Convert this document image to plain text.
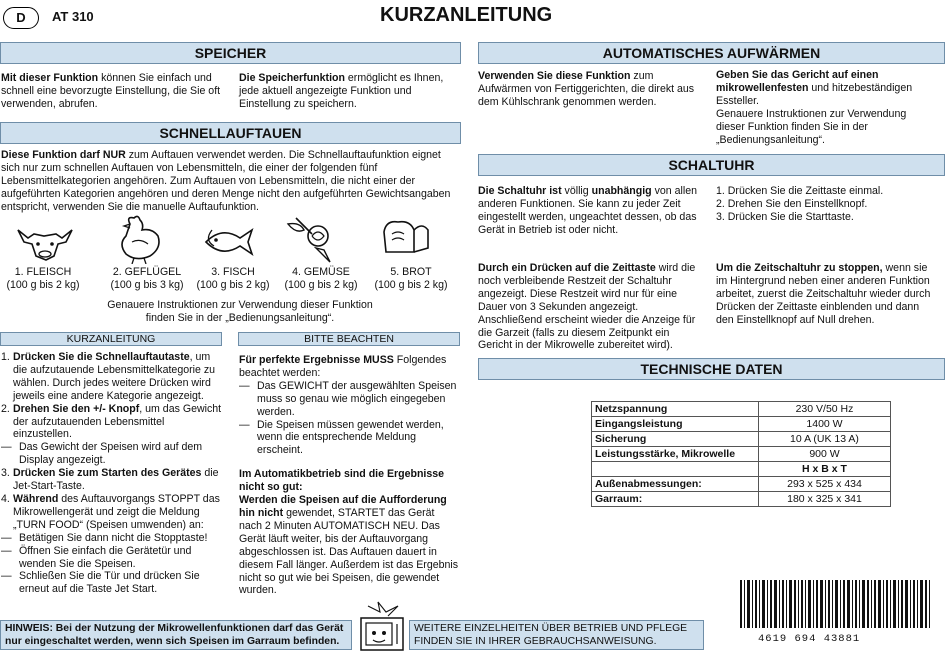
D	AT 310	KURZANLEITUNG
SPEICHER
Mit dieser Funktion können Sie einfach und schnell eine bevorzugte Einstellung, die Sie oft verwenden, abrufen.
Die Speicherfunktion ermöglicht es Ihnen, jede aktuell angezeigte Funktion und Einstellung zu speichern.
SCHNELLAUFTAUEN
Diese Funktion darf NUR zum Auftauen verwendet werden. Die Schnellauftaufunktion eignet sich nur zum schnellen Auftauen von Lebensmitteln, die einer der folgenden fünf Lebensmittelkategorien angehören. Zum Auftauen von Lebensmitteln, die nicht einer der aufgeführten Kategorien angehören und deren Menge nicht den aufgeführten Gewichtsangaben entspricht, verwenden Sie die manuelle Auftaufunktion.
1. FLEISCH
(100 g bis 2 kg)
2. GEFLÜGEL
(100 g bis 3 kg)
3. FISCH
(100 g bis 2 kg)
4. GEMÜSE
(100 g bis 2 kg)
5. BROT
(100 g bis 2 kg)
Genauere Instruktionen zur Verwendung dieser Funktion finden Sie in der „Bedienungsanleitung“.
KURZANLEITUNG
1. Drücken Sie die Schnellauftautaste, um die aufzutauende Lebensmittelkategorie zu wählen. Durch jedes weitere Drücken wird jeweils eine andere Kategorie angezeigt.
2. Drehen Sie den +/- Knopf, um das Gewicht der aufzutauenden Lebensmittel einzustellen.
— Das Gewicht der Speisen wird auf dem Display angezeigt.
3. Drücken Sie zum Starten des Gerätes die Jet-Start-Taste.
4. Während des Auftauvorgangs STOPPT das Mikrowellengerät und zeigt die Meldung „TURN FOOD“ (Speisen umwenden) an:
— Betätigen Sie dann nicht die Stopptaste!
— Öffnen Sie einfach die Gerätetür und wenden Sie die Speisen.
— Schließen Sie die Tür und drücken Sie erneut auf die Taste Jet Start.
BITTE BEACHTEN
Für perfekte Ergebnisse MUSS Folgendes beachtet werden:
— Das GEWICHT der ausgewählten Speisen muss so genau wie möglich eingegeben werden.
— Die Speisen müssen gewendet werden, wenn die entsprechende Meldung erscheint.
Im Automatikbetrieb sind die Ergebnisse nicht so gut:
Werden die Speisen auf die Aufforderung hin nicht gewendet, STARTET das Gerät nach 2 Minuten AUTOMATISCH NEU. Das Gerät läuft weiter, bis der Auftauvorgang abgeschlossen ist. Das Auftauen dauert in diesem Fall länger. Außerdem ist das Ergebnis nicht so gut wie bei Speisen, die gewendet wurden.
AUTOMATISCHES AUFWÄRMEN
Verwenden Sie diese Funktion zum Aufwärmen von Fertiggerichten, die direkt aus dem Kühlschrank genommen werden.
Geben Sie das Gericht auf einen mikrowellenfesten und hitzebeständigen Essteller.
Genauere Instruktionen zur Verwendung dieser Funktion finden Sie in der „Bedienungsanleitung“.
SCHALTUHR
Die Schaltuhr ist völlig unabhängig von allen anderen Funktionen. Sie kann zu jeder Zeit eingestellt werden, ungeachtet dessen, ob das Gerät in Betrieb ist oder nicht.
1. Drücken Sie die Zeittaste einmal.
2. Drehen Sie den Einstellknopf.
3. Drücken Sie die Starttaste.
Durch ein Drücken auf die Zeittaste wird die noch verbleibende Restzeit der Schaltuhr angezeigt. Diese Restzeit wird nur für eine Dauer von 3 Sekunden angezeigt. Anschließend erscheint wieder die Anzeige für die Garzeit (falls zu diesem Zeitpunkt ein Gericht in der Mikrowelle zubereitet wird).
Um die Zeitschaltuhr zu stoppen, wenn sie im Hintergrund neben einer anderen Funktion arbeitet, zuerst die Zeitschaltuhr wieder durch Drücken der Zeittaste einblenden und dann den Einstellknopf auf Null drehen.
TECHNISCHE DATEN
Netzspannung	230 V/50 Hz
Eingangsleistung	1400 W
Sicherung	10 A (UK 13 A)
Leistungsstärke, Mikrowelle	900 W
	H x B x T
Außenabmessungen:	293 x 525 x 434
Garraum:	180 x 325 x 341
HINWEIS: Bei der Nutzung der Mikrowellenfunktionen darf das Gerät nur eingeschaltet werden, wenn sich Speisen im Garraum befinden.
WEITERE EINZELHEITEN ÜBER BETRIEB UND PFLEGE FINDEN SIE IN IHRER GEBRAUCHSANWEISUNG.	4619 694 43881
